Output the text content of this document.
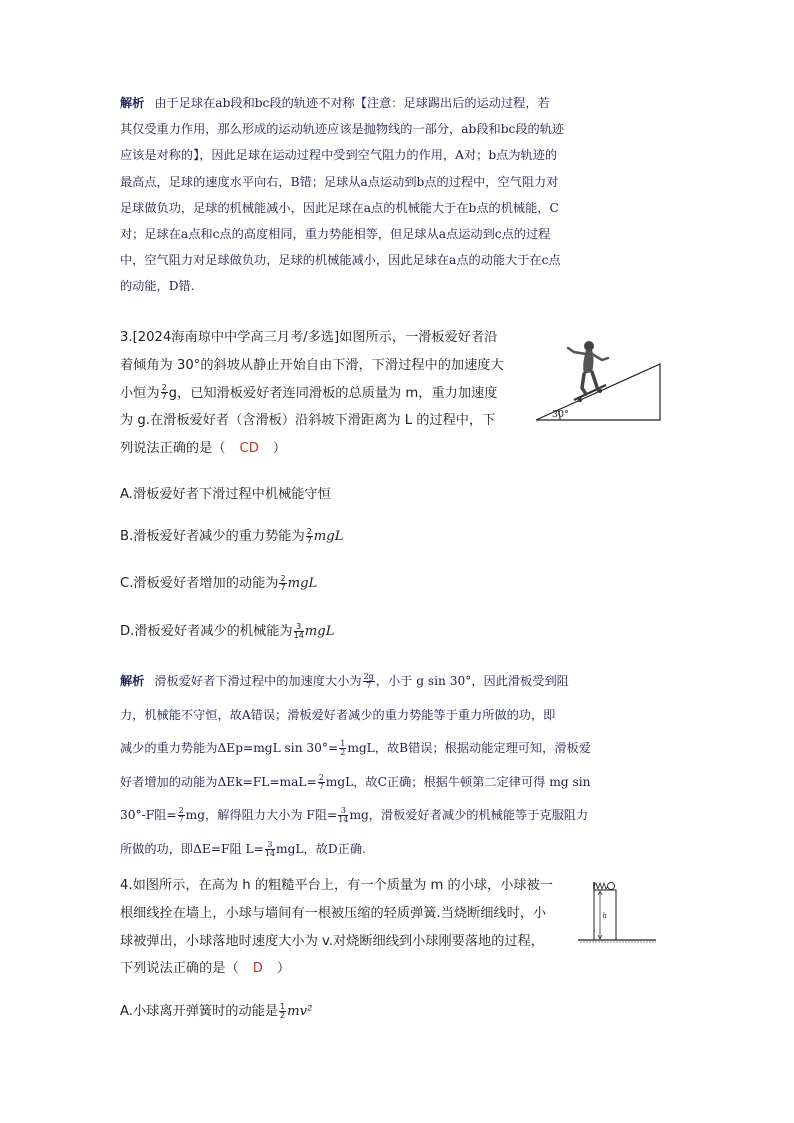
解析 由于足球在ab段和bc段的轨迹不对称【注意：足球踢出后的运动过程，若
其仅受重力作用，那么形成的运动轨迹应该是抛物线的一部分，ab段和bc段的轨迹
应该是对称的】，因此足球在运动过程中受到空气阻力的作用，A对；b点为轨迹的
最高点，足球的速度水平向右，B错；足球从a点运动到b点的过程中，空气阻力对
足球做负功，足球的机械能减小，因此足球在a点的机械能大于在b点的机械能，C
对；足球在a点和c点的高度相同，重力势能相等，但足球从a点运动到c点的过程
中，空气阻力对足球做负功，足球的机械能减小，因此足球在a点的动能大于在c点
的动能，D错.
3.[2024海南琼中中学高三月考/多选]如图所示，一滑板爱好者沿
着倾角为 30°的斜坡从静止开始自由下滑，下滑过程中的加速度大
小恒为 $\frac{2}{7}$ g，已知滑板爱好者连同滑板的总质量为 m，重力加速度
为 g.在滑板爱好者（含滑板）沿斜坡下滑距离为 L 的过程中，下
列说法正确的是（ CD ）
30°
A.滑板爱好者下滑过程中机械能守恒
B.滑板爱好者减少的重力势能为 $\frac{2}{7}$ mgL
C.滑板爱好者增加的动能为 $\frac{2}{7}$ mgL
D.滑板爱好者减少的机械能为 $\frac{3}{14}$ mgL
解析 滑板爱好者下滑过程中的加速度大小为 $\frac{2g}{7}$ ，小于 g sin 30°，因此滑板受到阻
力，机械能不守恒，故A错误；滑板爱好者减少的重力势能等于重力所做的功，即
减少的重力势能为ΔEp=mgL $\sin 30^\circ= \frac{1}{2}$ mgL，故B错误；根据动能定理可知，滑板爱
好者增加的动能为$\Delta Ek=FL=maL= \frac{2}{7}$ mgL，故C正确；根据牛顿第二定律可得 mg sin
30°-F阻= $\frac{2}{7}$ mg，解得阻力大小为 F阻= $\frac{3}{14}$ mg，滑板爱好者减少的机械能等于克服阻力
所做的功，即ΔE=F阻 $L= \frac{3}{14}$ mgL，故D正确.
4.如图所示，在高为 h 的粗糙平台上，有一个质量为 m 的小球，小球被一
根细线拴在墙上，小球与墙间有一根被压缩的轻质弹簧.当烧断细线时，小
球被弹出，小球落地时速度大小为 v.对烧断细线到小球刚要落地的过程，
下列说法正确的是（ D ）
h
A.小球离开弹簧时的动能是 $\frac{1}{2} mv^2$
